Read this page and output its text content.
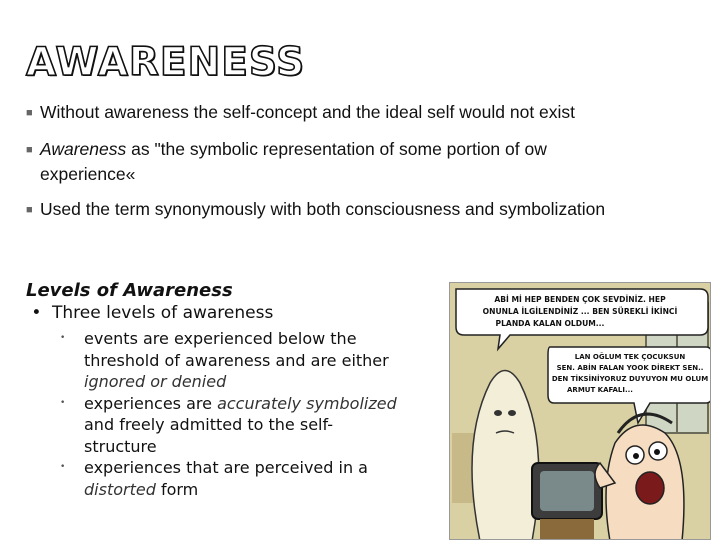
AWARENESS
■ Without awareness the self-concept and the ideal self would not exist
■ Awareness as "the symbolic representation of some portion of ow
experience«
■ Used the term synonymously with both consciousness and symbolization

Levels of Awareness

• Three levels of awareness

• events are experienced below the
threshold of awareness and are either
ignored or denied
• experiences are accurately symbolized
and freely admitted to the self-
structure
• experiences that are perceived in a
distorted form
ABİ Mİ HEP BENDEN ÇOK SEVDİNİZ. HEP
ONUNLA İLGİLENDİNİZ ... BEN SÜREKLİ İKİNCİ
PLANDA KALAN OLDUM...
LAN OĞLUM TEK ÇOCUKSUN
SEN. ABİN FALAN YOOK DİREKT SEN..
DEN TİKSİNİYORUZ DUYUYON MU OLUM
ARMUT KAFALI...
